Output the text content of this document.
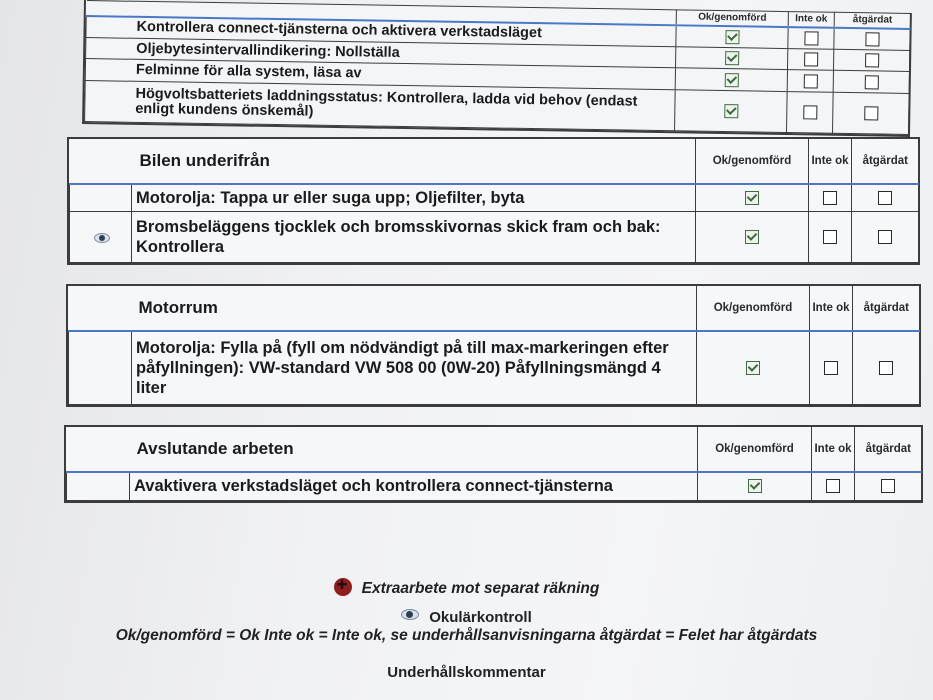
	Ok/genomförd	Inte ok	åtgärdat
Kontrollera connect-tjänsterna och aktivera verkstadsläget	

Oljebytesintervallindikering: Nollställa	

Felminne för alla system, läsa av	

Högvoltsbatteriets laddningsstatus: Kontrollera, ladda vid behov (endast enligt kundens önskemål)	

Bilen underifrån		Ok/genomförd	Inte ok	åtgärdat
	Motorolja: Tappa ur eller suga upp; Oljefilter, byta	

	Bromsbeläggens tjocklek och bromsskivornas skick fram och bak: Kontrollera	

Motorrum		Ok/genomförd	Inte ok	åtgärdat
	Motorolja: Fylla på (fyll om nödvändigt på till max-markeringen efter påfyllningen): VW-standard VW 508 00 (0W-20) Påfyllningsmängd 4 liter	

Avslutande arbeten		Ok/genomförd	Inte ok	åtgärdat
	Avaktivera verkstadsläget och kontrollera connect-tjänsterna	

✚Extraarbete mot separat räkning
Okulärkontroll
Ok/genomförd = Ok Inte ok = Inte ok, se underhållsanvisningarna åtgärdat = Felet har åtgärdats
Underhållskommentar
